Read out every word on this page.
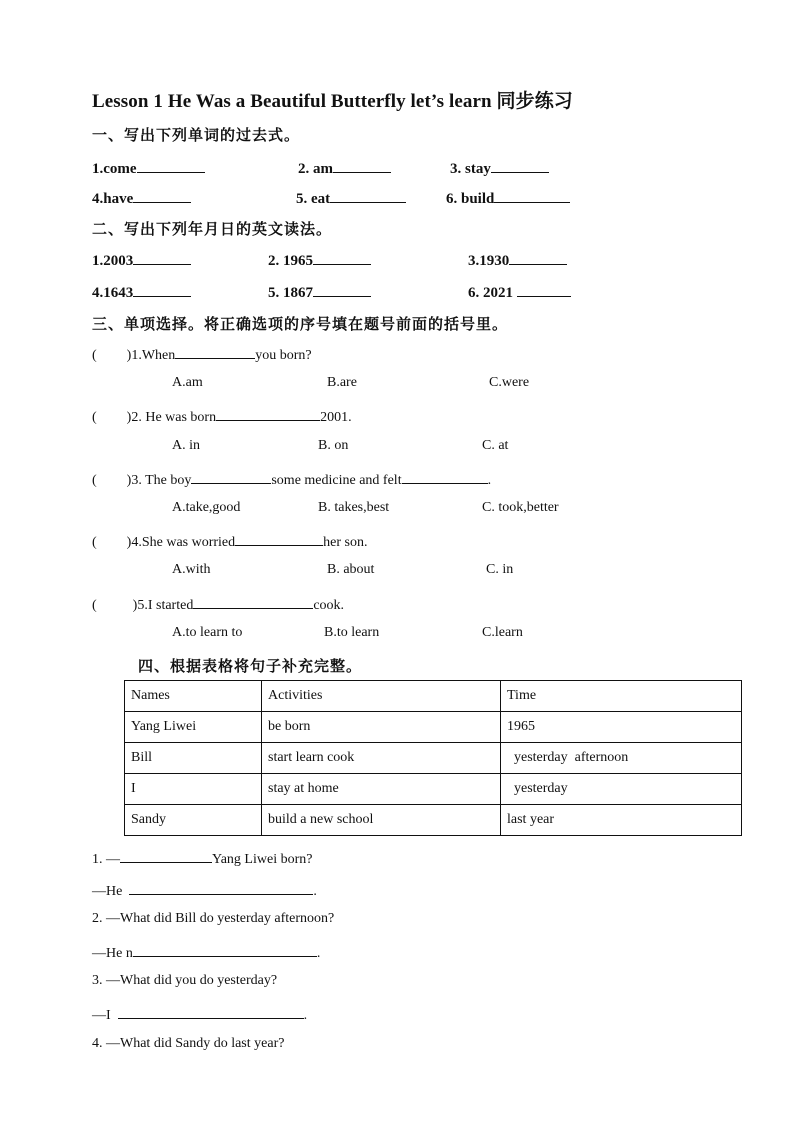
Lesson 1 He Was a Beautiful Butterfly let’s learn 同步练习
一、写出下列单词的过去式。
1.come	2. am	3. stay
4.have	5. eat	6. build
二、写出下列年月日的英文读法。
1.2003	2. 1965	3.1930
4.1643	5. 1867	6. 2021
三、单项选择。将正确选项的序号填在题号前面的括号里。
( )1.When	you born?
A.am	B.are	C.were
( )2. He was born	2001.
A. in	B. on	C. at
( )3. The boy	some medicine and felt	.
A.take,good	B. takes,best	C. took,better
( )4.She was worried	her son.
A.with	B. about	C. in
(	)5.I started	cook.
A.to learn to	B.to learn	C.learn
四、根据表格将句子补充完整。
Names	Activities	Time
Yang Liwei	be born	1965
Bill	start learn cook	yesterday  afternoon
I	stay at home	yesterday
Sandy	build a new school	last year
1. —	Yang Liwei born?
—He	.
2. —What did Bill do yesterday afternoon?
—He n	.
3. —What did you do yesterday?
—I	.
4. —What did Sandy do last year?
